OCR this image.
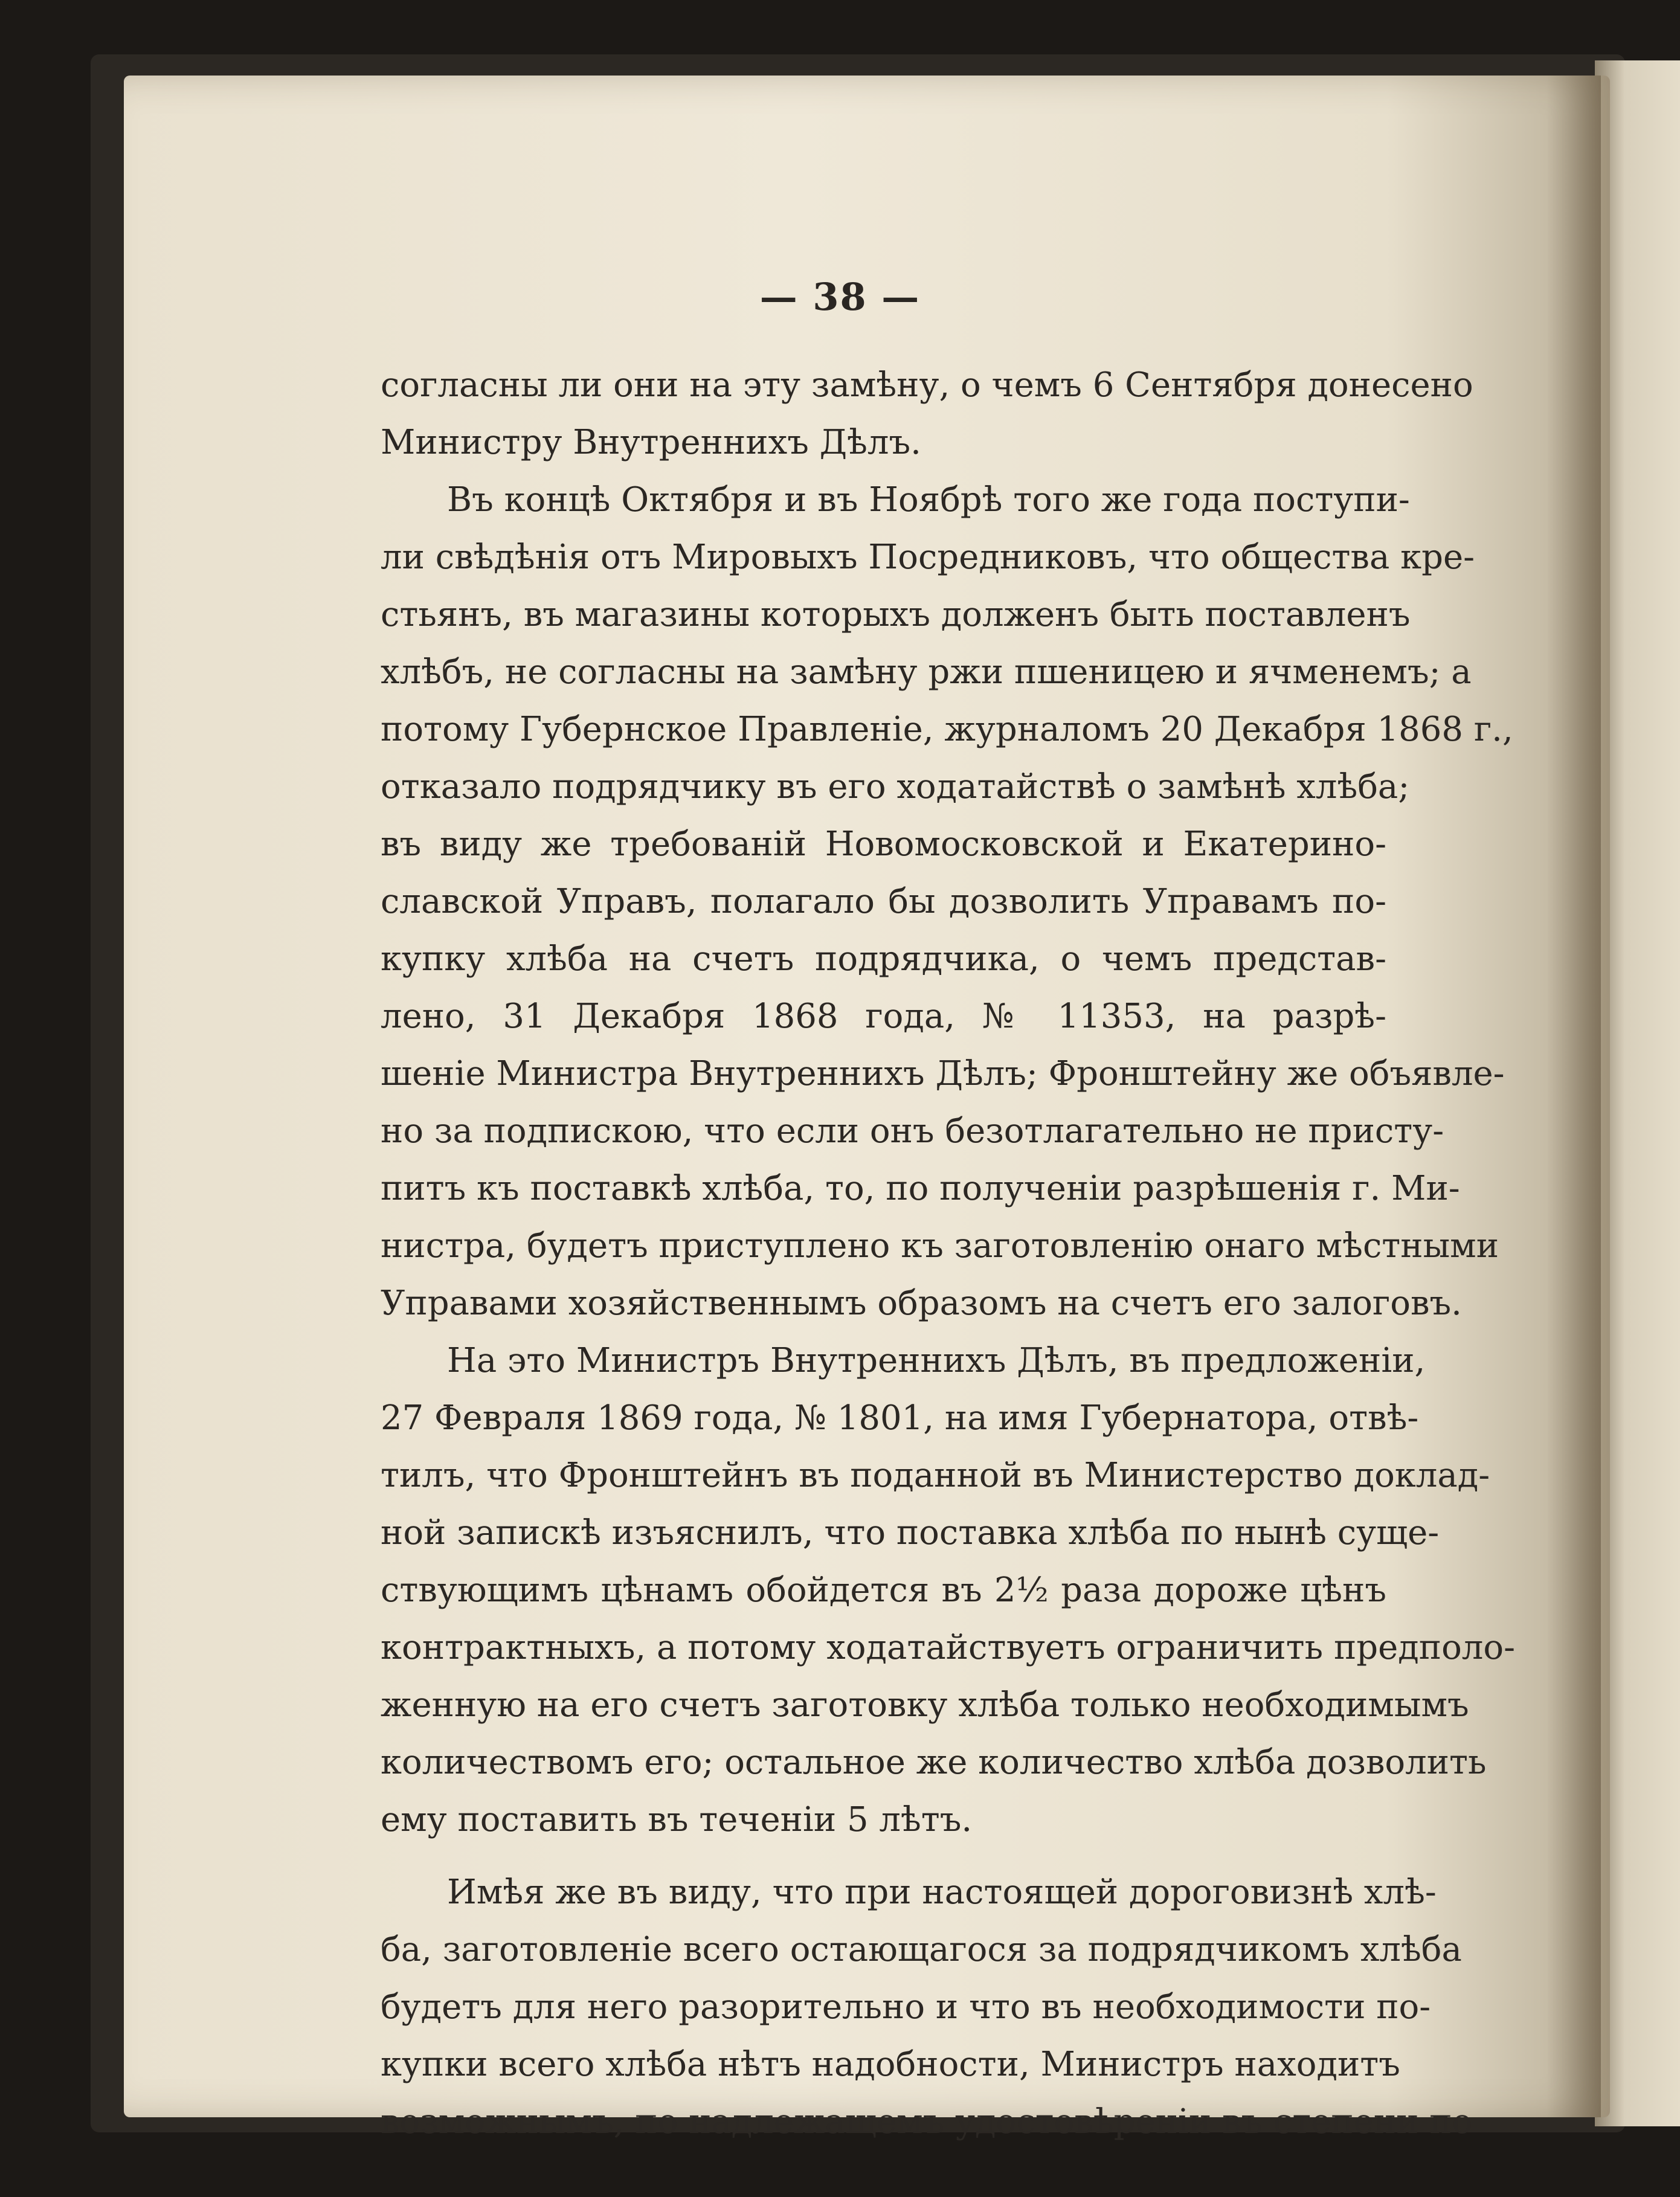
— 38 —

согласны ли они на эту замѣну, о чемъ 6 Сентября донесено
Министру Внутреннихъ Дѣлъ.

Въ концѣ Октября и въ Ноябрѣ того же года поступи-
ли свѣдѣнія отъ Мировыхъ Посредниковъ, что общества кре-
стьянъ, въ магазины которыхъ долженъ быть поставленъ
хлѣбъ, не согласны на замѣну ржи пшеницею и ячменемъ; а
потому Губернское Правленіе, журналомъ 20 Декабря 1868 г.,
отказало подрядчику въ его ходатайствѣ о замѣнѣ хлѣба;
въ виду же требованій Новомосковской и Екатерино-
славской Управъ, полагало бы дозволить Управамъ по-
купку хлѣба на счетъ подрядчика, о чемъ представ-
лено, 31 Декабря 1868 года, № 11353, на разрѣ-
шеніе Министра Внутреннихъ Дѣлъ; Фронштейну же объявле-
но за подпискою, что если онъ безотлагательно не присту-
питъ къ поставкѣ хлѣба, то, по полученіи разрѣшенія г. Ми-
нистра, будетъ приступлено къ заготовленію онаго мѣстными
Управами хозяйственнымъ образомъ на счетъ его залоговъ.

На это Министръ Внутреннихъ Дѣлъ, въ предложеніи,
27 Февраля 1869 года, № 1801, на имя Губернатора, отвѣ-
тилъ, что Фронштейнъ въ поданной въ Министерство доклад-
ной запискѣ изъяснилъ, что поставка хлѣба по нынѣ суще-
ствующимъ цѣнамъ обойдется въ 2½ раза дороже цѣнъ
контрактныхъ, а потому ходатайствуетъ ограничить предполо-
женную на его счетъ заготовку хлѣба только необходимымъ
количествомъ его; остальное же количество хлѣба дозволить
ему поставить въ теченіи 5 лѣтъ.

Имѣя же въ виду, что при настоящей дороговизнѣ хлѣ-
ба, заготовленіе всего остающагося за подрядчикомъ хлѣба
будетъ для него разорительно и что въ необходимости по-
купки всего хлѣба нѣтъ надобности, Министръ находитъ
возможнымъ, по надлежащемъ удостовѣреніи въ степени по
